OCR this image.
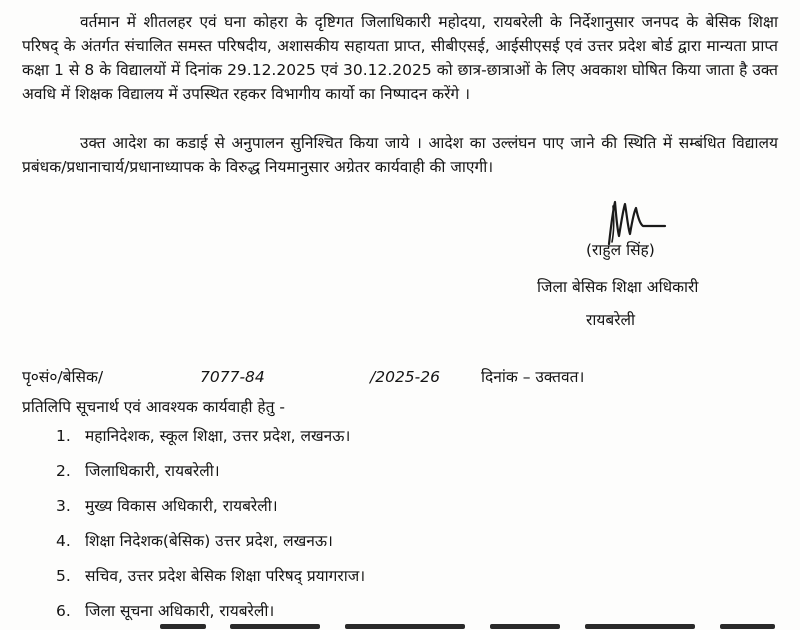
वर्तमान में शीतलहर एवं घना कोहरा के दृष्टिगत जिलाधिकारी महोदया, रायबरेली के निर्देशानुसार जनपद के बेसिक शिक्षा परिषद् के अंतर्गत संचालित समस्त परिषदीय, अशासकीय सहायता प्राप्त, सीबीएसई, आईसीएसई एवं उत्तर प्रदेश बोर्ड द्वारा मान्यता प्राप्त कक्षा 1 से 8 के विद्यालयों में दिनांक 29.12.2025 एवं 30.12.2025 को छात्र-छात्राओं के लिए अवकाश घोषित किया जाता है उक्त अवधि में शिक्षक विद्यालय में उपस्थित रहकर विभागीय कार्यो का निष्पादन करेंगे ।

उक्त आदेश का कडाई से अनुपालन सुनिश्चित किया जाये । आदेश का उल्लंघन पाए जाने की स्थिति में सम्बंधित विद्यालय प्रबंधक/प्रधानाचार्य/प्रधानाध्यापक के विरुद्ध नियमानुसार अग्रेतर कार्यवाही की जाएगी।

(राहुल सिंह)
जिला बेसिक शिक्षा अधिकारी
रायबरेली
पृ०सं०/बेसिक/	7077-84	/2025-26	दिनांक – उक्तवत।
प्रतिलिपि सूचनार्थ एवं आवश्यक कार्यवाही हेतु -
1. महानिदेशक, स्कूल शिक्षा, उत्तर प्रदेश, लखनऊ।
2. जिलाधिकारी, रायबरेली।
3. मुख्य विकास अधिकारी, रायबरेली।
4. शिक्षा निदेशक(बेसिक) उत्तर प्रदेश, लखनऊ।
5. सचिव, उत्तर प्रदेश बेसिक शिक्षा परिषद् प्रयागराज।
6. जिला सूचना अधिकारी, रायबरेली।
